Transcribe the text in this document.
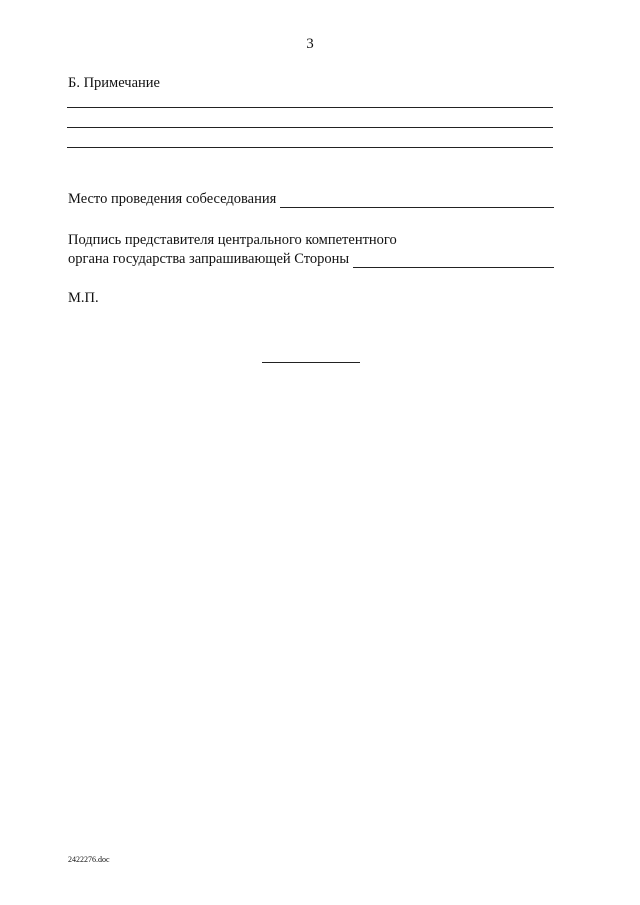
3
Б. Примечание
Место проведения собеседования
Подпись представителя центрального компетентного
органа государства запрашивающей Стороны
М.П.
2422276.doc
